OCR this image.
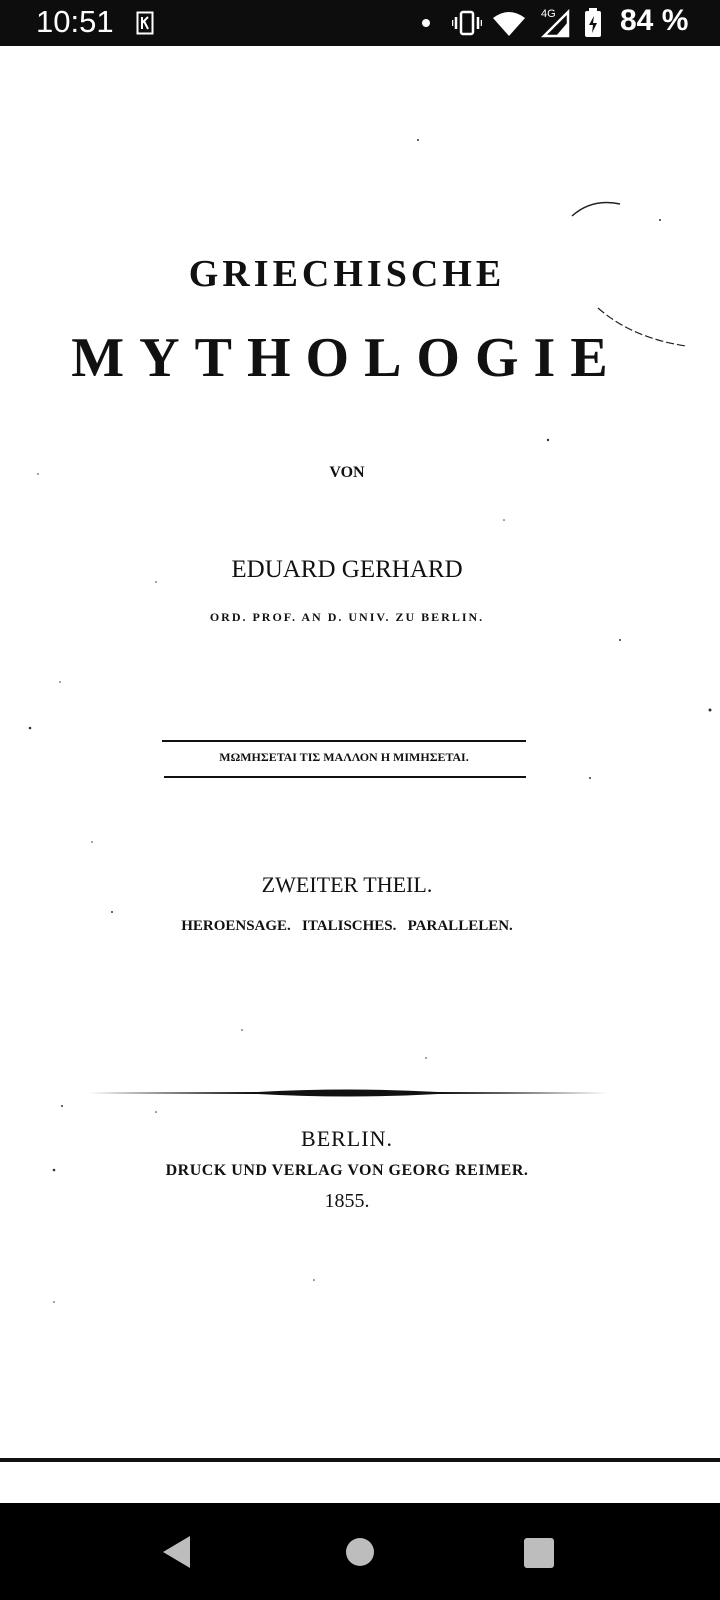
10:51	4G 84 %
GRIECHISCHE
MYTHOLOGIE
VON
EDUARD GERHARD
ORD. PROF. AN D. UNIV. ZU BERLIN.
ΜΩΜΗΣΕΤΑΙ ΤΙΣ ΜΑΛΛΟΝ Η ΜΙΜΗΣΕΤΑΙ.
ZWEITER THEIL.
HEROENSAGE.   ITALISCHES.   PARALLELEN.
BERLIN.
DRUCK UND VERLAG VON GEORG REIMER.
1855.
